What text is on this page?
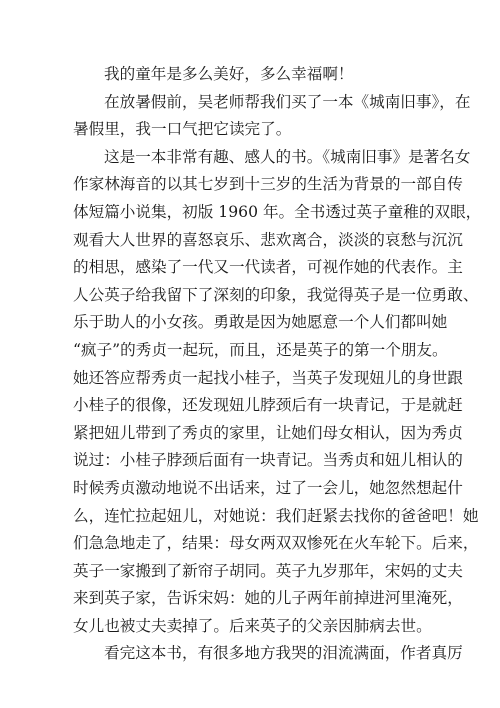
我的童年是多么美好，多么幸福啊！
在放暑假前，吴老师帮我们买了一本《城南旧事》，在
暑假里，我一口气把它读完了。
这是一本非常有趣、感人的书。《城南旧事》是著名女
作家林海音的以其七岁到十三岁的生活为背景的一部自传
体短篇小说集，初版 1960 年。全书透过英子童稚的双眼，
观看大人世界的喜怒哀乐、悲欢离合，淡淡的哀愁与沉沉
的相思，感染了一代又一代读者，可视作她的代表作。主
人公英子给我留下了深刻的印象，我觉得英子是一位勇敢、
乐于助人的小女孩。勇敢是因为她愿意一个人们都叫她
“疯子”的秀贞一起玩，而且，还是英子的第一个朋友。
她还答应帮秀贞一起找小桂子，当英子发现妞儿的身世跟
小桂子的很像，还发现妞儿脖颈后有一块青记，于是就赶
紧把妞儿带到了秀贞的家里，让她们母女相认，因为秀贞
说过：小桂子脖颈后面有一块青记。当秀贞和妞儿相认的
时候秀贞激动地说不出话来，过了一会儿，她忽然想起什
么，连忙拉起妞儿，对她说：我们赶紧去找你的爸爸吧！她
们急急地走了，结果：母女两双双惨死在火车轮下。后来，
英子一家搬到了新帘子胡同。英子九岁那年，宋妈的丈夫
来到英子家，告诉宋妈：她的儿子两年前掉进河里淹死，
女儿也被丈夫卖掉了。后来英子的父亲因肺病去世。
看完这本书，有很多地方我哭的泪流满面，作者真厉
